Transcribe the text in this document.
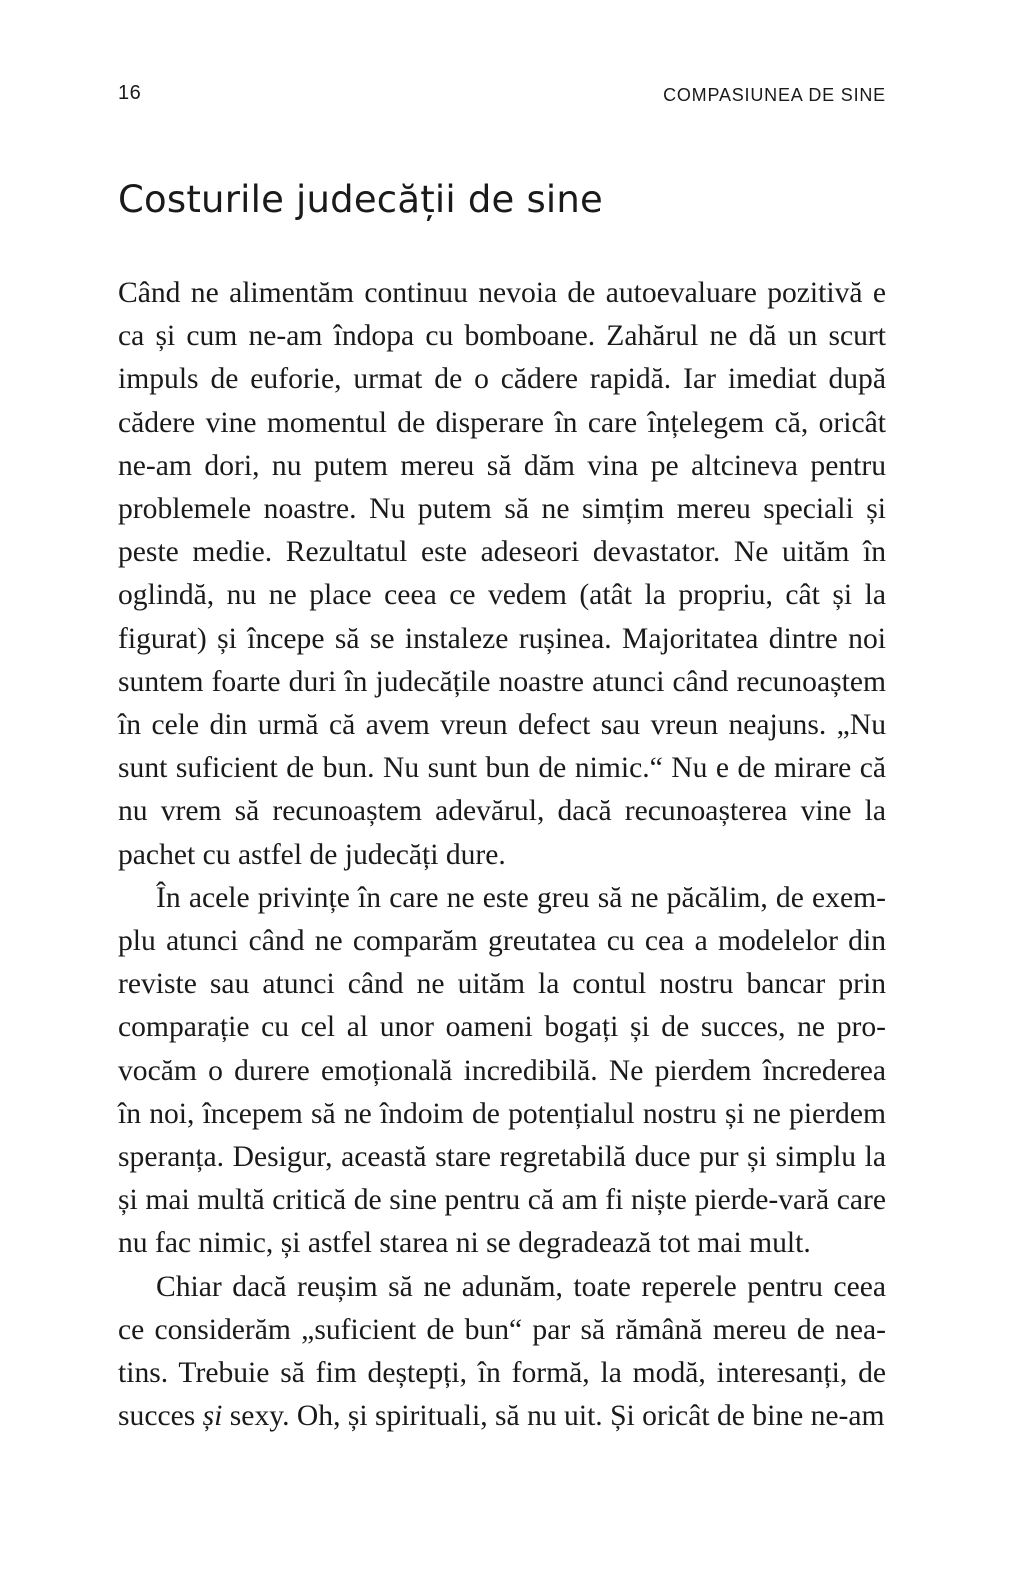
16	COMPASIUNEA DE SINE
Costurile judecății de sine

Când ne alimentăm continuu nevoia de autoevaluare pozitivă e ca și cum ne-am îndopa cu bomboane. Zahărul ne dă un scurt impuls de euforie, urmat de o cădere rapidă. Iar imediat după cădere vine momentul de disperare în care înțelegem că, oricât ne-am dori, nu putem mereu să dăm vina pe altcineva pentru problemele noastre. Nu putem să ne simțim mereu speciali și peste medie. Rezultatul este adeseori devastator. Ne uităm în oglindă, nu ne place ceea ce vedem (atât la propriu, cât și la figurat) și începe să se instaleze rușinea. Majoritatea dintre noi suntem foarte duri în judecățile noastre atunci când recunoaștem în cele din urmă că avem vreun defect sau vreun neajuns. „Nu sunt suficient de bun. Nu sunt bun de nimic.“ Nu e de mirare că nu vrem să recunoaștem adevărul, dacă recunoașterea vine la pachet cu astfel de judecăți dure.

În acele privințe în care ne este greu să ne păcălim, de exemplu atunci când ne comparăm greutatea cu cea a modelelor din reviste sau atunci când ne uităm la contul nostru bancar prin comparație cu cel al unor oameni bogați și de succes, ne provocăm o durere emoțională incredibilă. Ne pierdem încrederea în noi, începem să ne îndoim de potențialul nostru și ne pierdem speranța. Desigur, această stare regretabilă duce pur și simplu la și mai multă critică de sine pentru că am fi niște pierde-vară care nu fac nimic, și astfel starea ni se degradează tot mai mult.

Chiar dacă reușim să ne adunăm, toate reperele pentru ceea ce considerăm „suficient de bun“ par să rămână mereu de neatins. Trebuie să fim deștepți, în formă, la modă, interesanți, de succes și sexy. Oh, și spirituali, să nu uit. Și oricât de bine ne-am
